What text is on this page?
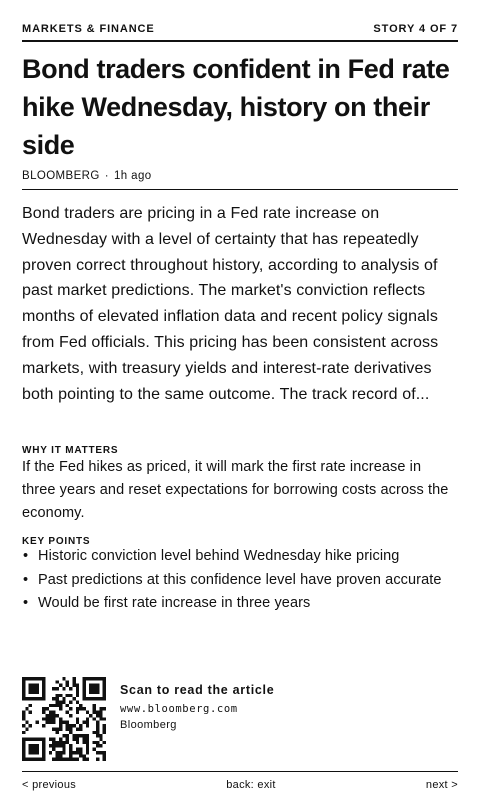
MARKETS & FINANCE	STORY 4 OF 7
Bond traders confident in Fed rate hike Wednesday, history on their side
BLOOMBERG · 1h ago

Bond traders are pricing in a Fed rate increase on Wednesday with a level of certainty that has repeatedly proven correct throughout history, according to analysis of past market predictions. The market's conviction reflects months of elevated inflation data and recent policy signals from Fed officials. This pricing has been consistent across markets, with treasury yields and interest-rate derivatives both pointing to the same outcome. The track record of...

WHY IT MATTERS

If the Fed hikes as priced, it will mark the first rate increase in three years and reset expectations for borrowing costs across the economy.

KEY POINTS
• Historic conviction level behind Wednesday hike pricing
• Past predictions at this confidence level have proven accurate
• Would be first rate increase in three years
Scan to read the article
www.bloomberg.com
Bloomberg
< previous	back: exit	next >
